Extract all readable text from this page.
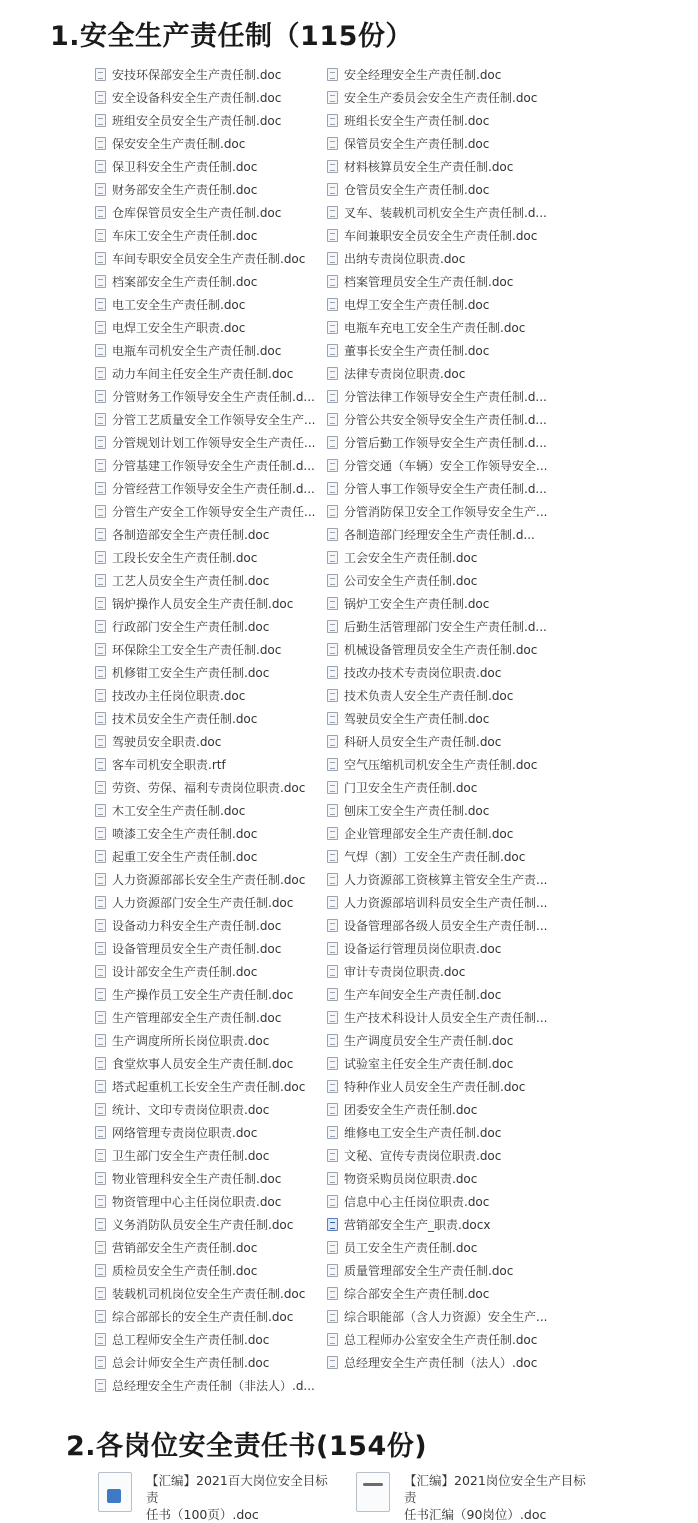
1.安全生产责任制（115份）
安技环保部安全生产责任制.doc
安全设备科安全生产责任制.doc
班组安全员安全生产责任制.doc
保安安全生产责任制.doc
保卫科安全生产责任制.doc
财务部安全生产责任制.doc
仓库保管员安全生产责任制.doc
车床工安全生产责任制.doc
车间专职安全员安全生产责任制.doc
档案部安全生产责任制.doc
电工安全生产责任制.doc
电焊工安全生产职责.doc
电瓶车司机安全生产责任制.doc
动力车间主任安全生产责任制.doc
分管财务工作领导安全生产责任制.d...
分管工艺质量安全工作领导安全生产...
分管规划计划工作领导安全生产责任...
分管基建工作领导安全生产责任制.d...
分管经营工作领导安全生产责任制.d...
分管生产安全工作领导安全生产责任...
各制造部安全生产责任制.doc
工段长安全生产责任制.doc
工艺人员安全生产责任制.doc
锅炉操作人员安全生产责任制.doc
行政部门安全生产责任制.doc
环保除尘工安全生产责任制.doc
机修钳工安全生产责任制.doc
技改办主任岗位职责.doc
技术员安全生产责任制.doc
驾驶员安全职责.doc
客车司机安全职责.rtf
劳资、劳保、福利专责岗位职责.doc
木工安全生产责任制.doc
喷漆工安全生产责任制.doc
起重工安全生产责任制.doc
人力资源部部长安全生产责任制.doc
人力资源部门安全生产责任制.doc
设备动力科安全生产责任制.doc
设备管理员安全生产责任制.doc
设计部安全生产责任制.doc
生产操作员工安全生产责任制.doc
生产管理部安全生产责任制.doc
生产调度所所长岗位职责.doc
食堂炊事人员安全生产责任制.doc
塔式起重机工长安全生产责任制.doc
统计、文印专责岗位职责.doc
网络管理专责岗位职责.doc
卫生部门安全生产责任制.doc
物业管理科安全生产责任制.doc
物资管理中心主任岗位职责.doc
义务消防队员安全生产责任制.doc
营销部安全生产责任制.doc
质检员安全生产责任制.doc
装载机司机岗位安全生产责任制.doc
综合部部长的安全生产责任制.doc
总工程师安全生产责任制.doc
总会计师安全生产责任制.doc
总经理安全生产责任制（非法人）.d...
安全经理安全生产责任制.doc
安全生产委员会安全生产责任制.doc
班组长安全生产责任制.doc
保管员安全生产责任制.doc
材料核算员安全生产责任制.doc
仓管员安全生产责任制.doc
叉车、装载机司机安全生产责任制.d...
车间兼职安全员安全生产责任制.doc
出纳专责岗位职责.doc
档案管理员安全生产责任制.doc
电焊工安全生产责任制.doc
电瓶车充电工安全生产责任制.doc
董事长安全生产责任制.doc
法律专责岗位职责.doc
分管法律工作领导安全生产责任制.d...
分管公共安全领导安全生产责任制.d...
分管后勤工作领导安全生产责任制.d...
分管交通（车辆）安全工作领导安全...
分管人事工作领导安全生产责任制.d...
分管消防保卫安全工作领导安全生产...
各制造部门经理安全生产责任制.d...
工会安全生产责任制.doc
公司安全生产责任制.doc
锅炉工安全生产责任制.doc
后勤生活管理部门安全生产责任制.d...
机械设备管理员安全生产责任制.doc
技改办技术专责岗位职责.doc
技术负责人安全生产责任制.doc
驾驶员安全生产责任制.doc
科研人员安全生产责任制.doc
空气压缩机司机安全生产责任制.doc
门卫安全生产责任制.doc
刨床工安全生产责任制.doc
企业管理部安全生产责任制.doc
气焊（割）工安全生产责任制.doc
人力资源部工资核算主管安全生产责...
人力资源部培训科员安全生产责任制...
设备管理部各级人员安全生产责任制...
设备运行管理员岗位职责.doc
审计专责岗位职责.doc
生产车间安全生产责任制.doc
生产技术科设计人员安全生产责任制...
生产调度员安全生产责任制.doc
试验室主任安全生产责任制.doc
特种作业人员安全生产责任制.doc
团委安全生产责任制.doc
维修电工安全生产责任制.doc
文秘、宣传专责岗位职责.doc
物资采购员岗位职责.doc
信息中心主任岗位职责.doc
营销部安全生产_职责.docx
员工安全生产责任制.doc
质量管理部安全生产责任制.doc
综合部安全生产责任制.doc
综合职能部（含人力资源）安全生产...
总工程师办公室安全生产责任制.doc
总经理安全生产责任制（法人）.doc
2.各岗位安全责任书(154份)
【汇编】2021百大岗位安全目标责
任书（100页）.doc
【汇编】2021岗位安全生产目标责
任书汇编（90岗位）.doc
